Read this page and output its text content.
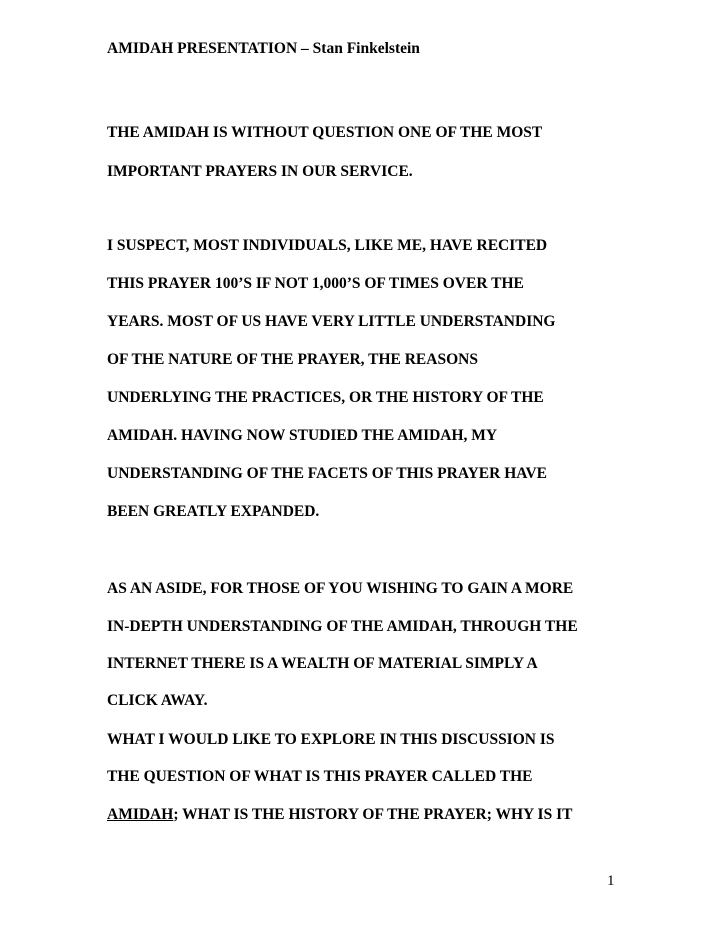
AMIDAH PRESENTATION – Stan Finkelstein

THE AMIDAH IS WITHOUT QUESTION ONE OF THE MOST

IMPORTANT PRAYERS IN OUR SERVICE.

I SUSPECT, MOST INDIVIDUALS, LIKE ME, HAVE RECITED

THIS PRAYER 100’S IF NOT 1,000’S OF TIMES OVER THE

YEARS. MOST OF US HAVE VERY LITTLE UNDERSTANDING

OF THE NATURE OF THE PRAYER, THE REASONS

UNDERLYING THE PRACTICES, OR THE HISTORY OF THE

AMIDAH. HAVING NOW STUDIED THE AMIDAH, MY

UNDERSTANDING OF THE FACETS OF THIS PRAYER HAVE

BEEN GREATLY EXPANDED.

AS AN ASIDE, FOR THOSE OF YOU WISHING TO GAIN A MORE

IN-DEPTH UNDERSTANDING OF THE AMIDAH, THROUGH THE

INTERNET THERE IS A WEALTH OF MATERIAL SIMPLY A

CLICK AWAY.

WHAT I WOULD LIKE TO EXPLORE IN THIS DISCUSSION IS

THE QUESTION OF WHAT IS THIS PRAYER CALLED THE

AMIDAH; WHAT IS THE HISTORY OF THE PRAYER; WHY IS IT

1
